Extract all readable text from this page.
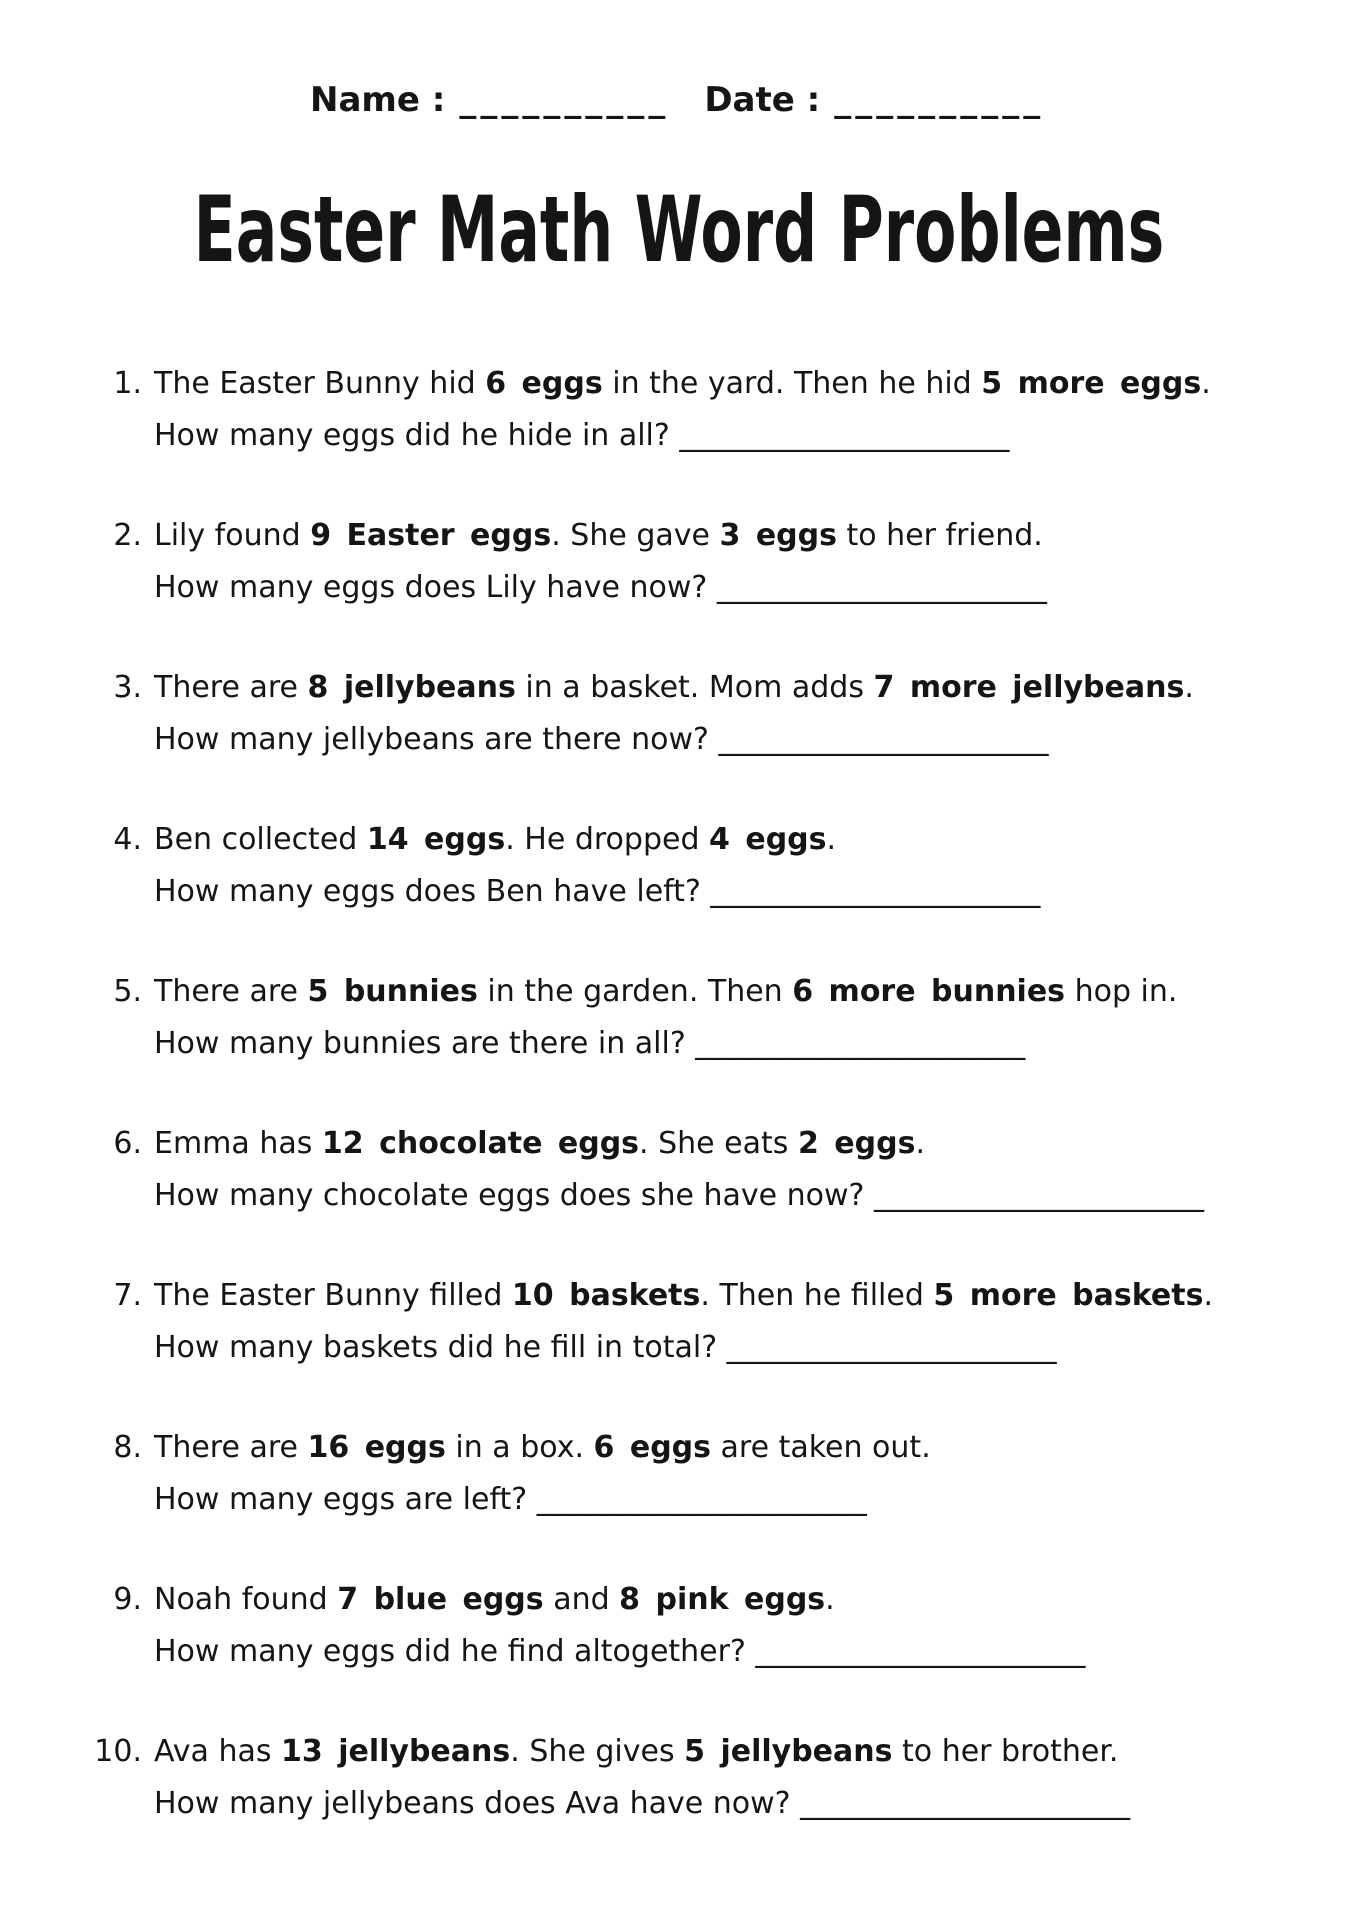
Name : __________ Date : __________
Easter Math Word Problems
1. The Easter Bunny hid 6 eggs in the yard. Then he hid 5 more eggs.
How many eggs did he hide in all? ______________________
2. Lily found 9 Easter eggs. She gave 3 eggs to her friend.
How many eggs does Lily have now? ______________________
3. There are 8 jellybeans in a basket. Mom adds 7 more jellybeans.
How many jellybeans are there now? ______________________
4. Ben collected 14 eggs. He dropped 4 eggs.
How many eggs does Ben have left? ______________________
5. There are 5 bunnies in the garden. Then 6 more bunnies hop in.
How many bunnies are there in all? ______________________
6. Emma has 12 chocolate eggs. She eats 2 eggs.
How many chocolate eggs does she have now? ______________________
7. The Easter Bunny filled 10 baskets. Then he filled 5 more baskets.
How many baskets did he fill in total? ______________________
8. There are 16 eggs in a box. 6 eggs are taken out.
How many eggs are left? ______________________
9. Noah found 7 blue eggs and 8 pink eggs.
How many eggs did he find altogether? ______________________
10. Ava has 13 jellybeans. She gives 5 jellybeans to her brother.
How many jellybeans does Ava have now? ______________________
